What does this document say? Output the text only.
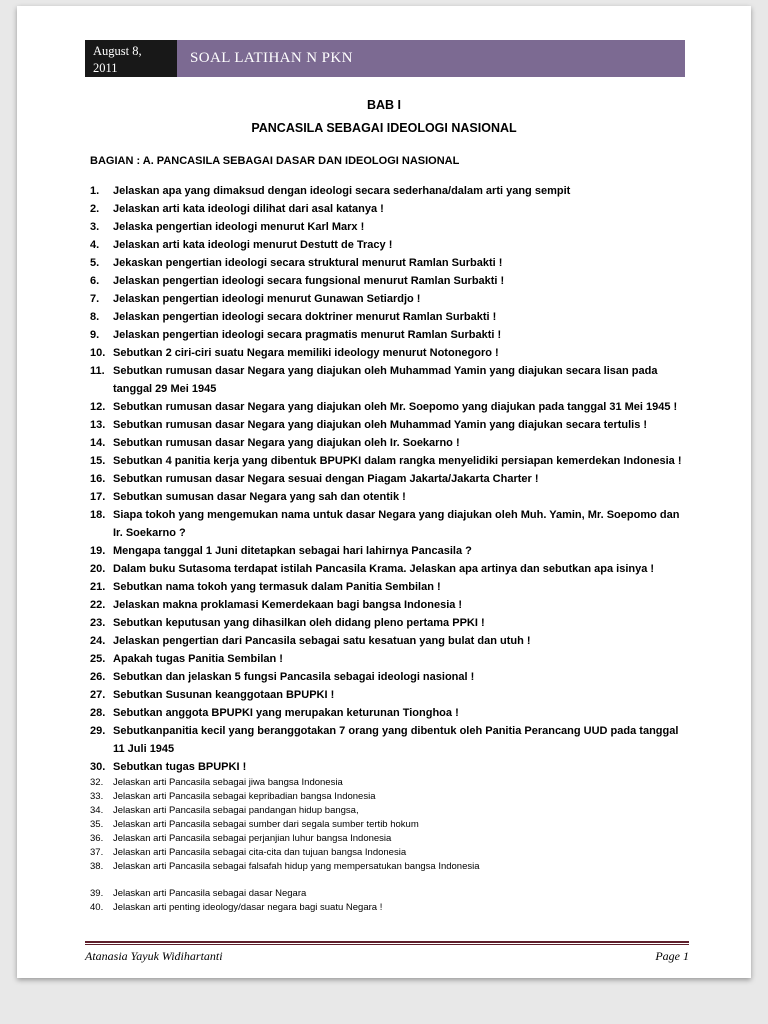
August 8,
2011
SOAL LATIHAN N PKN
BAB I
PANCASILA SEBAGAI IDEOLOGI NASIONAL
BAGIAN : A. PANCASILA SEBAGAI DASAR DAN IDEOLOGI NASIONAL
1.	Jelaskan apa yang dimaksud dengan ideologi secara sederhana/dalam arti yang sempit
2.	Jelaskan arti kata ideologi dilihat dari asal katanya !
3.	Jelaska pengertian ideologi menurut Karl Marx !
4.	Jelaskan arti kata ideologi menurut Destutt de Tracy !
5.	Jekaskan pengertian ideologi secara struktural menurut Ramlan Surbakti !
6.	Jelaskan pengertian ideologi secara fungsional menurut Ramlan Surbakti !
7.	Jelaskan pengertian ideologi menurut Gunawan Setiardjo !
8.	Jelaskan pengertian ideologi secara doktriner menurut Ramlan Surbakti !
9.	Jelaskan pengertian ideologi secara pragmatis menurut Ramlan Surbakti !
10. Sebutkan 2 ciri-ciri suatu Negara memiliki ideology menurut Notonegoro !
11. Sebutkan rumusan dasar Negara yang diajukan oleh Muhammad Yamin yang diajukan secara lisan pada tanggal 29 Mei 1945
12. Sebutkan rumusan dasar Negara yang diajukan oleh Mr. Soepomo yang diajukan pada tanggal 31 Mei 1945 !
13. Sebutkan rumusan dasar Negara yang diajukan oleh Muhammad Yamin yang diajukan secara tertulis !
14. Sebutkan rumusan dasar Negara yang diajukan oleh Ir. Soekarno !
15. Sebutkan 4 panitia kerja yang dibentuk BPUPKI dalam rangka menyelidiki persiapan kemerdekan Indonesia !
16. Sebutkan rumusan dasar Negara sesuai dengan Piagam Jakarta/Jakarta Charter !
17. Sebutkan sumusan dasar Negara yang sah dan otentik !
18. Siapa tokoh yang mengemukan nama untuk dasar Negara yang diajukan oleh Muh. Yamin, Mr. Soepomo dan Ir. Soekarno ?
19. Mengapa tanggal 1 Juni ditetapkan sebagai hari lahirnya Pancasila ?
20. Dalam buku Sutasoma terdapat istilah Pancasila Krama. Jelaskan apa artinya dan sebutkan apa isinya !
21. Sebutkan nama tokoh yang termasuk dalam Panitia Sembilan !
22. Jelaskan makna proklamasi Kemerdekaan bagi bangsa Indonesia !
23. Sebutkan keputusan yang dihasilkan oleh didang pleno pertama PPKI !
24. Jelaskan pengertian dari Pancasila sebagai satu kesatuan yang bulat dan utuh !
25. Apakah tugas Panitia Sembilan !
26. Sebutkan dan jelaskan 5 fungsi Pancasila sebagai ideologi nasional !
27. Sebutkan Susunan keanggotaan BPUPKI !
28. Sebutkan anggota BPUPKI yang merupakan keturunan Tionghoa !
29. Sebutkanpanitia kecil yang beranggotakan 7 orang yang dibentuk oleh Panitia Perancang UUD pada tanggal 11 Juli 1945
30. Sebutkan tugas BPUPKI !
32.	Jelaskan arti Pancasila sebagai jiwa bangsa Indonesia
33.	Jelaskan arti Pancasila sebagai kepribadian bangsa Indonesia
34.	Jelaskan arti Pancasila sebagai pandangan hidup bangsa,
35.	Jelaskan arti Pancasila sebagai sumber dari segala sumber tertib hokum
36.	Jelaskan arti Pancasila sebagai perjanjian luhur bangsa Indonesia
37.	Jelaskan arti Pancasila sebagai cita-cita dan tujuan bangsa Indonesia
38.	Jelaskan arti Pancasila sebagai falsafah hidup yang mempersatukan bangsa Indonesia
39.	Jelaskan arti Pancasila sebagai dasar Negara
40.	Jelaskan arti penting ideology/dasar negara bagi suatu Negara !
Atanasia Yayuk Widihartanti	Page 1
